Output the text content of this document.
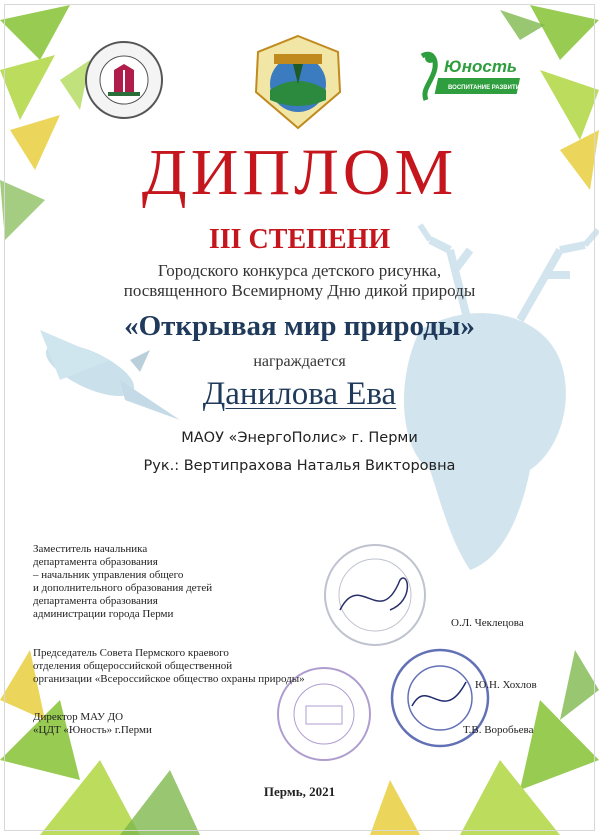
Юность
ВОСПИТАНИЕ РАЗВИТИЕ ДОСУГ
ДИПЛОМ
III СТЕПЕНИ
Городского конкурса детского рисунка,
посвященного Всемирному Дню дикой природы
«Открывая мир природы»
награждается
Данилова Ева
МАОУ «ЭнергоПолис» г. Перми
Рук.: Вертипрахова Наталья Викторовна
Заместитель начальника
департамента образования
– начальник управления общего
и дополнительного образования детей
департамента образования
администрации города Перми
О.Л. Чеклецова
Председатель Совета Пермского краевого
отделения общероссийской общественной
организации «Всероссийское общество охраны природы»	Ю.Н. Хохлов
Директор МАУ ДО
«ЦДТ «Юность» г.Перми	Т.В. Воробьева
Пермь, 2021
